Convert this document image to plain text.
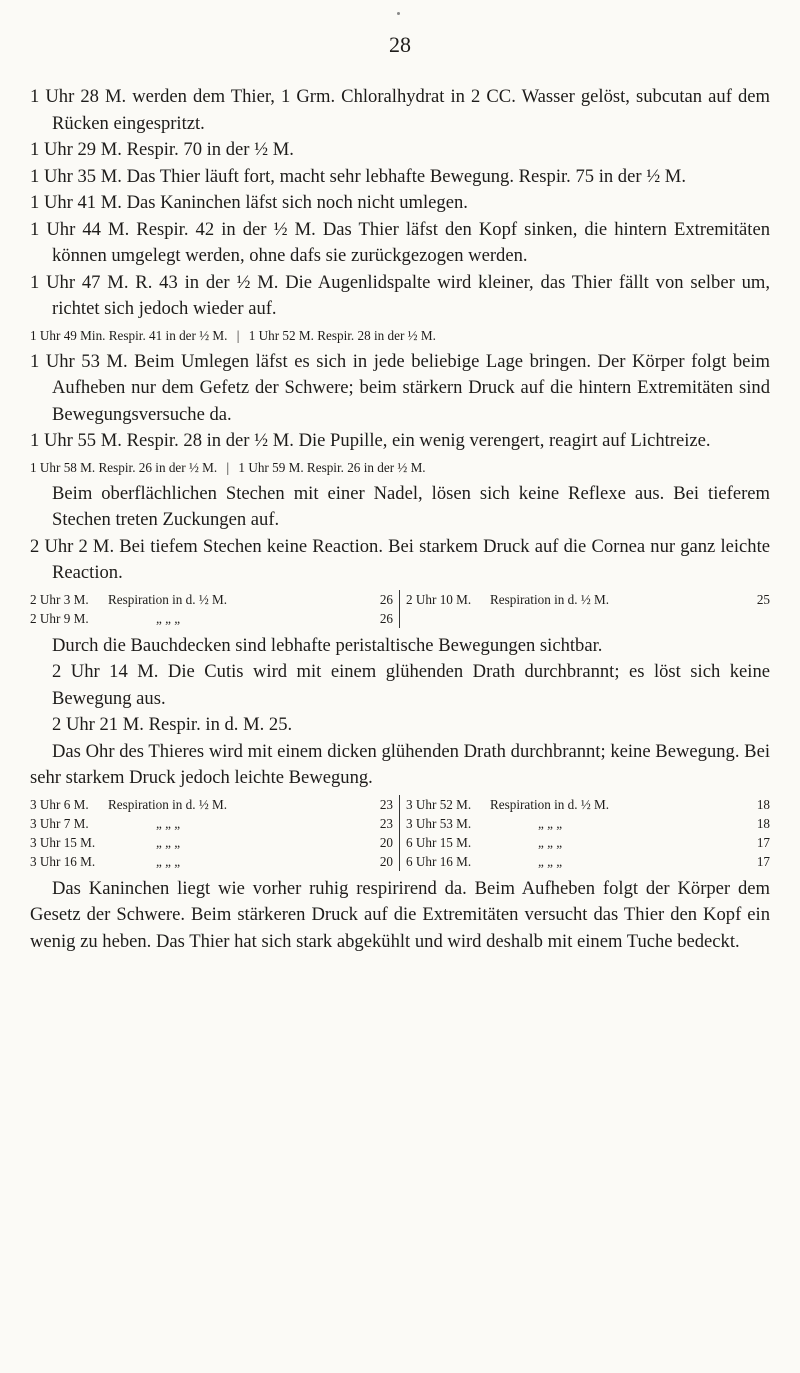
28

1 Uhr 28 M. werden dem Thier, 1 Grm. Chloralhydrat in 2 CC. Wasser gelöst, subcutan auf dem Rücken eingespritzt.

1 Uhr 29 M. Respir. 70 in der ½ M.

1 Uhr 35 M. Das Thier läuft fort, macht sehr lebhafte Bewegung. Respir. 75 in der ½ M.

1 Uhr 41 M. Das Kaninchen läfst sich noch nicht umlegen.

1 Uhr 44 M. Respir. 42 in der ½ M. Das Thier läfst den Kopf sinken, die hintern Extremitäten können umgelegt werden, ohne dafs sie zurückgezogen werden.

1 Uhr 47 M. R. 43 in der ½ M. Die Augenlidspalte wird kleiner, das Thier fällt von selber um, richtet sich jedoch wieder auf.

1 Uhr 49 Min. Respir. 41 in der ½ M. | 1 Uhr 52 M. Respir. 28 in der ½ M.

1 Uhr 53 M. Beim Umlegen läfst es sich in jede beliebige Lage bringen. Der Körper folgt beim Aufheben nur dem Gefetz der Schwere; beim stärkern Druck auf die hintern Extremitäten sind Bewegungsversuche da.

1 Uhr 55 M. Respir. 28 in der ½ M. Die Pupille, ein wenig verengert, reagirt auf Lichtreize.

1 Uhr 58 M. Respir. 26 in der ½ M. | 1 Uhr 59 M. Respir. 26 in der ½ M.

Beim oberflächlichen Stechen mit einer Nadel, lösen sich keine Reflexe aus. Bei tieferem Stechen treten Zuckungen auf.

2 Uhr 2 M. Bei tiefem Stechen keine Reaction. Bei starkem Druck auf die Cornea nur ganz leichte Reaction.

2 Uhr 3 M.	Respiration in d. ½ M.	26
2 Uhr 9 M.	„ „ „	26
2 Uhr 10 M.	Respiration in d. ½ M.	25

Durch die Bauchdecken sind lebhafte peristaltische Bewegungen sichtbar.

2 Uhr 14 M. Die Cutis wird mit einem glühenden Drath durchbrannt; es löst sich keine Bewegung aus.

2 Uhr 21 M. Respir. in d. M. 25.

Das Ohr des Thieres wird mit einem dicken glühenden Drath durchbrannt; keine Bewegung. Bei sehr starkem Druck jedoch leichte Bewegung.

3 Uhr 6 M.	Respiration in d. ½ M.	23
3 Uhr 7 M.	„ „ „	23
3 Uhr 15 M.	„ „ „	20
3 Uhr 16 M.	„ „ „	20
3 Uhr 52 M.	Respiration in d. ½ M.	18
3 Uhr 53 M.	„ „ „	18
6 Uhr 15 M.	„ „ „	17
6 Uhr 16 M.	„ „ „	17

Das Kaninchen liegt wie vorher ruhig respirirend da. Beim Aufheben folgt der Körper dem Gesetz der Schwere. Beim stärkeren Druck auf die Extremitäten versucht das Thier den Kopf ein wenig zu heben. Das Thier hat sich stark abgekühlt und wird deshalb mit einem Tuche bedeckt.
